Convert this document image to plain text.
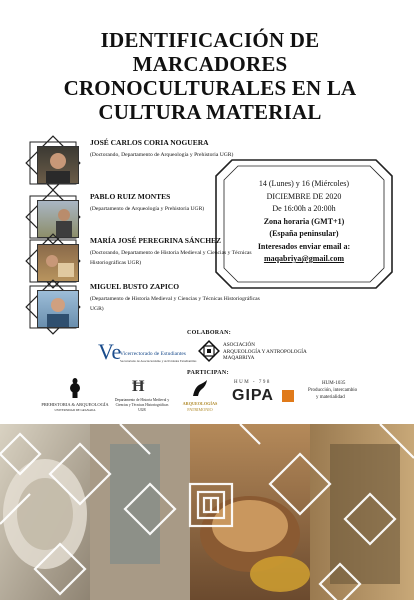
IDENTIFICACIÓN DE
MARCADORES
CRONOCULTURALES EN LA
CULTURA MATERIAL
JOSÉ CARLOS CORIA NOGUERA
(Doctorando, Departamento de Arqueología y Prehistoria UGR)
PABLO RUIZ MONTES
(Departamento de Arqueología y Prehistoria UGR)
MARÍA JOSÉ PEREGRINA SÁNCHEZ
(Doctorando, Departamento de Historia Medieval y Ciencias y Técnicas Historiográficas UGR)
MIGUEL BUSTO ZAPICO
(Departamento de Historia Medieval y Ciencias y Técnicas Historiográficas UGR)
14 (Lunes) y 16 (Miércoles)
DICIEMBRE DE 2020
De 16:00h a 20:00h
Zona horaria (GMT+1)
(España peninsular)
Interesados enviar email a:
maqabriya@gmail.com
COLABORAN:
Ve
Vicerrectorado de Estudiantes
Secretariado de Asociacionismo y Actividades Estudiantiles
ASOCIACIÓN
ARQUEOLOGÍA Y ANTROPOLOGÍA
MAQABRIYA
PARTICIPAN:
PREHISTORIA & ARQUEOLOGÍA
UNIVERSIDAD DE GRANADA
Ħ
Departamento de Historia Medieval y
Ciencias y Técnicas Historiográficas
UGR
ARQUEOLOGÍAS
PATRIMONIO
HUM - 798
GIPA
HUM-1035
Producción, intercambio
y materialidad
